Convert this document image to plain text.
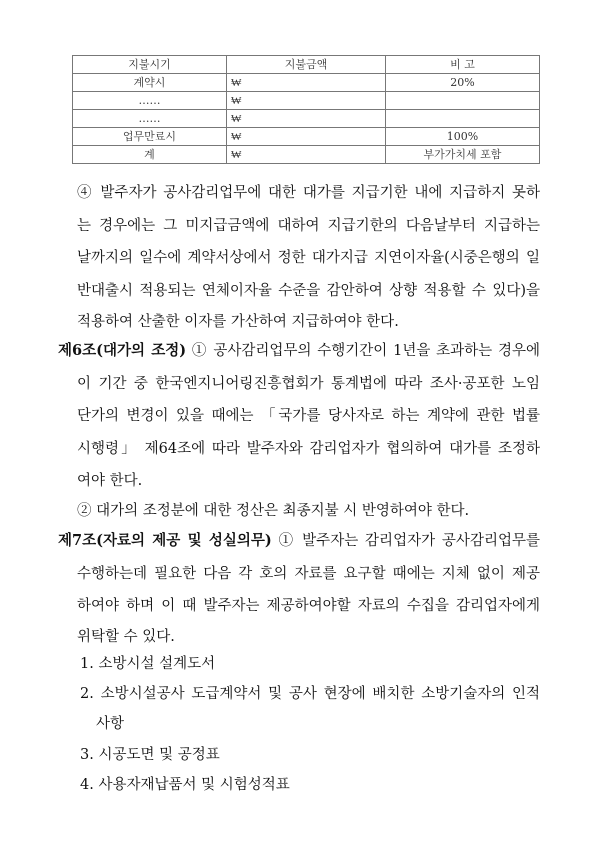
지불시기	지불금액	비 고
계약시	₩	20%
……	₩	
……	₩	
업무만료시	₩	100%
계	₩	부가가치세 포함
④ 발주자가 공사감리업무에 대한 대가를 지급기한 내에 지급하지 못하
는 경우에는 그 미지급금액에 대하여 지급기한의 다음날부터 지급하는
날까지의 일수에 계약서상에서 정한 대가지급 지연이자율(시중은행의 일
반대출시 적용되는 연체이자율 수준을 감안하여 상향 적용할 수 있다)을
적용하여 산출한 이자를 가산하여 지급하여야 한다.
제6조(대가의 조정) ① 공사감리업무의 수행기간이 1년을 초과하는 경우에
이 기간 중 한국엔지니어링진흥협회가 통계법에 따라 조사·공포한 노임
단가의 변경이 있을 때에는 「국가를 당사자로 하는 계약에 관한 법률
시행령」 제64조에 따라 발주자와 감리업자가 협의하여 대가를 조정하
여야 한다.
② 대가의 조정분에 대한 정산은 최종지불 시 반영하여야 한다.
제7조(자료의 제공 및 성실의무) ① 발주자는 감리업자가 공사감리업무를
수행하는데 필요한 다음 각 호의 자료를 요구할 때에는 지체 없이 제공
하여야 하며 이 때 발주자는 제공하여야할 자료의 수집을 감리업자에게
위탁할 수 있다.
1. 소방시설 설계도서
2. 소방시설공사 도급계약서 및 공사 현장에 배치한 소방기술자의 인적
사항
3. 시공도면 및 공정표
4. 사용자재납품서 및 시험성적표
